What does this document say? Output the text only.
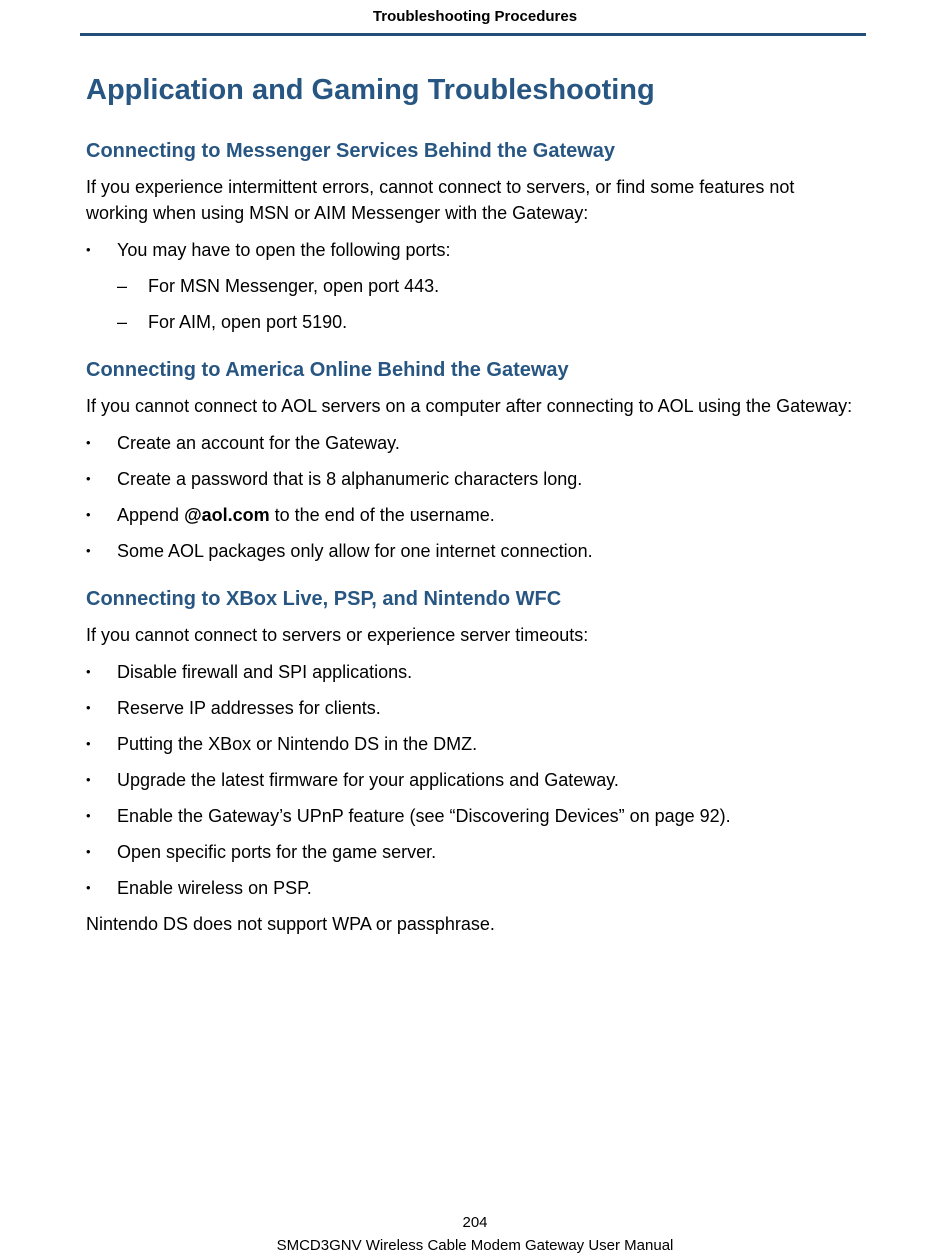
Troubleshooting Procedures
Application and Gaming Troubleshooting
Connecting to Messenger Services Behind the Gateway

If you experience intermittent errors, cannot connect to servers, or find some features not working when using MSN or AIM Messenger with the Gateway:

• You may have to open the following ports:
– For MSN Messenger, open port 443.
– For AIM, open port 5190.
Connecting to America Online Behind the Gateway

If you cannot connect to AOL servers on a computer after connecting to AOL using the Gateway:

• Create an account for the Gateway.
• Create a password that is 8 alphanumeric characters long.
• Append @aol.com to the end of the username.
• Some AOL packages only allow for one internet connection.
Connecting to XBox Live, PSP, and Nintendo WFC

If you cannot connect to servers or experience server timeouts:

• Disable firewall and SPI applications.
• Reserve IP addresses for clients.
• Putting the XBox or Nintendo DS in the DMZ.
• Upgrade the latest firmware for your applications and Gateway.
• Enable the Gateway’s UPnP feature (see “Discovering Devices” on page 92).
• Open specific ports for the game server.
• Enable wireless on PSP.

Nintendo DS does not support WPA or passphrase.

204
SMCD3GNV Wireless Cable Modem Gateway User Manual
